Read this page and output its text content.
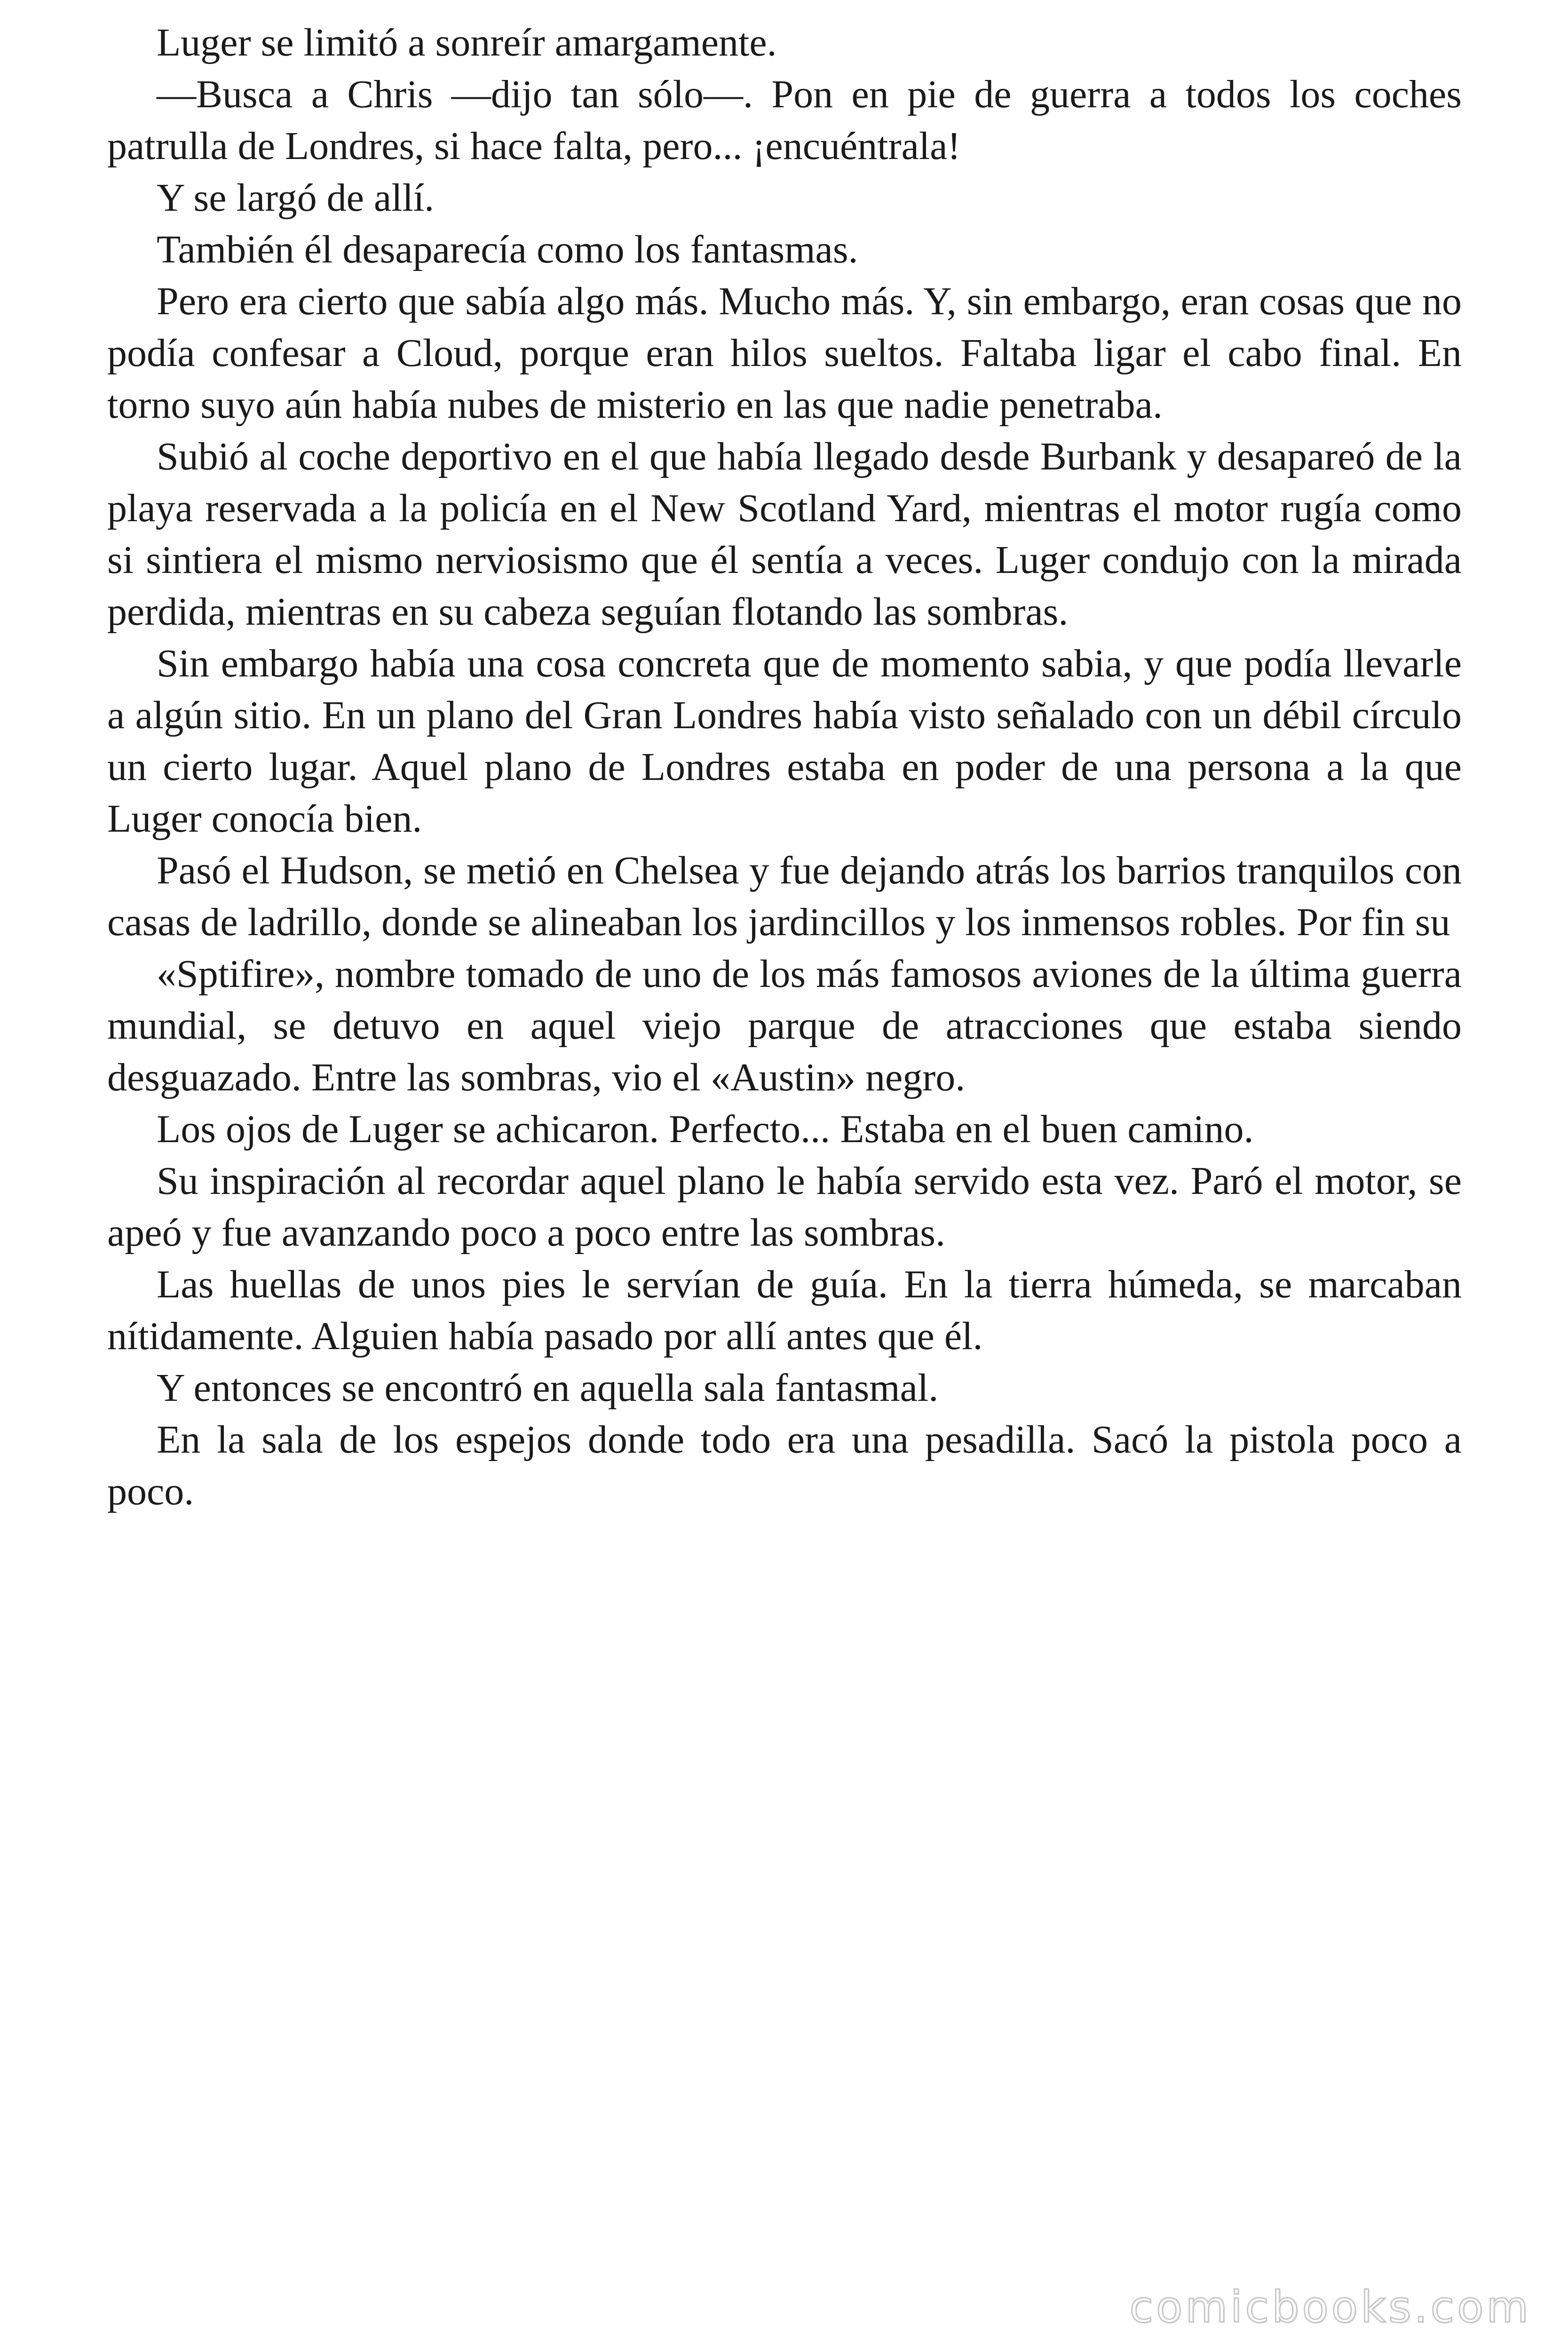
Luger se limitó a sonreír amargamente.

—Busca a Chris —dijo tan sólo—. Pon en pie de guerra a todos los coches patrulla de Londres, si hace falta, pero... ¡encuéntrala!

Y se largó de allí.

También él desaparecía como los fantasmas.

Pero era cierto que sabía algo más. Mucho más. Y, sin embargo, eran cosas que no podía confesar a Cloud, porque eran hilos sueltos. Faltaba ligar el cabo final. En torno suyo aún había nubes de misterio en las que nadie penetraba.

Subió al coche deportivo en el que había llegado desde Burbank y desapareó de la playa reservada a la policía en el New Scotland Yard, mientras el motor rugía como si sintiera el mismo nerviosismo que él sentía a veces. Luger condujo con la mirada perdida, mientras en su cabeza seguían flotando las sombras.

Sin embargo había una cosa concreta que de momento sabia, y que podía llevarle a algún sitio. En un plano del Gran Londres había visto señalado con un débil círculo un cierto lugar. Aquel plano de Londres estaba en poder de una persona a la que Luger conocía bien.

Pasó el Hudson, se metió en Chelsea y fue dejando atrás los barrios tranquilos con casas de ladrillo, donde se alineaban los jardincillos y los inmensos robles. Por fin su

«Sptifire», nombre tomado de uno de los más famosos aviones de la última guerra mundial, se detuvo en aquel viejo parque de atracciones que estaba siendo desguazado. Entre las sombras, vio el «Austin» negro.

Los ojos de Luger se achicaron. Perfecto... Estaba en el buen camino.

Su inspiración al recordar aquel plano le había servido esta vez. Paró el motor, se apeó y fue avanzando poco a poco entre las sombras.

Las huellas de unos pies le servían de guía. En la tierra húmeda, se marcaban nítidamente. Alguien había pasado por allí antes que él.

Y entonces se encontró en aquella sala fantasmal.

En la sala de los espejos donde todo era una pesadilla. Sacó la pistola poco a poco.

comicbooks.com
